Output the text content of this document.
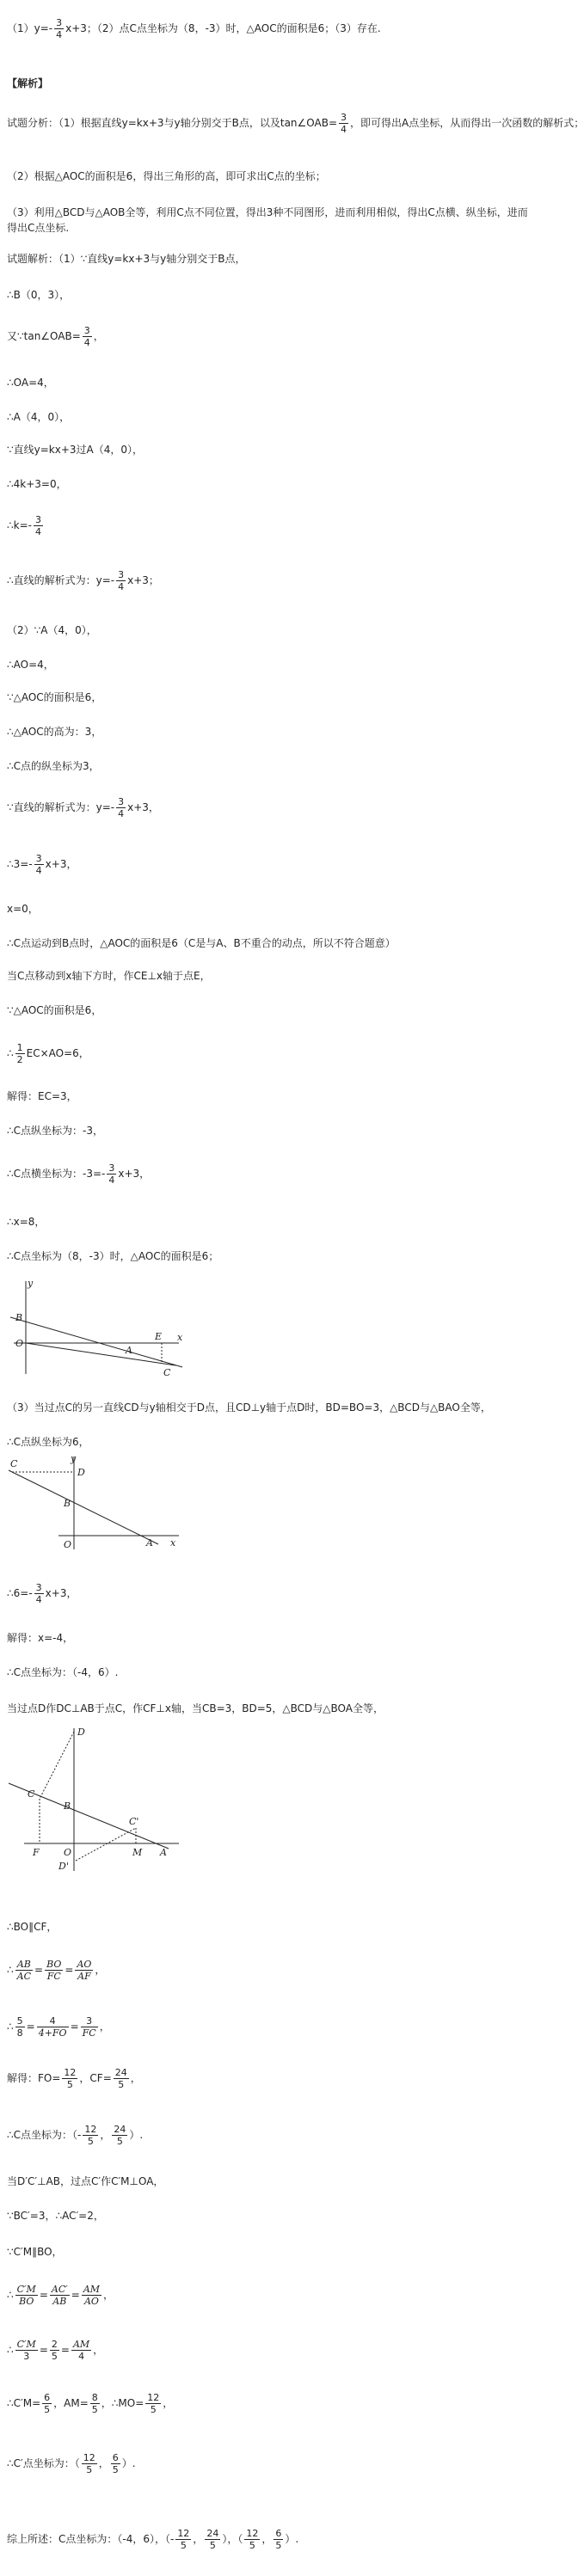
$(1)y=- \frac{3}{4} x+3$；（2）点C点坐标为（8，-3）时，△AOC的面积是6；（3）存在.
【解析】
试题分析：（1）根据直线y=kx+3与y轴分别交于B点，以及tan∠OAB= $\frac{3}{4}$ ，即可得出A点坐标，从而得出一次函数的解析式；
（2）根据△AOC的面积是6，得出三角形的高，即可求出C点的坐标；
（3）利用△BCD与△AOB全等，利用C点不同位置，得出3种不同图形，进而利用相似，得出C点横、纵坐标，进而得出C点坐标.
试题解析：（1）∵直线y=kx+3与y轴分别交于B点，
∴B（0，3），
又∵tan∠OAB= $\frac{3}{4}$ ，
∴OA=4，
∴A（4，0），
∵直线y=kx+3过A（4，0），
∴4k+3=0，
∴k=- $\frac{3}{4}$
∴直线的解析式为：$y=- \frac{3}{4} x+3$；
（2）∵A（4，0），
∴AO=4，
∵△AOC的面积是6，
∴△AOC的高为：3，
∴C点的纵坐标为3，
∵直线的解析式为：$y=- \frac{3}{4} x+3$，
∴3=- $\frac{3}{4} x+3$，
x=0，
∴C点运动到B点时，△AOC的面积是6（C是与A、B不重合的动点，所以不符合题意）
当C点移动到x轴下方时，作CE⊥x轴于点E，
∵△AOC的面积是6，
∴ $\frac{1}{2} EC\times AO=6$，
解得：EC=3，
∴C点纵坐标为：-3，
∴C点横坐标为：$-3=- \frac{3}{4} x+3$，
∴x=8，
∴C点坐标为（8，-3）时，△AOC的面积是6；
y
x
B
O
A
E
C
（3）当过点C的另一直线CD与y轴相交于D点，且CD⊥y轴于点D时，BD=BO=3，△BCD与△BAO全等，
∴C点纵坐标为6，
y
x
C
D
B
O	A
∴6=- $\frac{3}{4} x+3$，
解得：x=-4，
∴C点坐标为：（-4，6）.
当过点D作DC⊥AB于点C，作CF⊥x轴，当CB=3，BD=5，△BCD与△BOA全等，
D
C
B
C'
F	O	M A
D'
∴BO∥CF，
∴ $\frac{AB}{AC} = \frac{BO}{FC} = \frac{AO}{AF}$ ，
∴ $\frac{5}{8} = \frac{4}{4+FO} = \frac{3}{FC}$ ，
解得：$FO= \frac{12}{5}$ ，$CF= \frac{24}{5}$ ，
∴C点坐标为：（- $\frac{12}{5}$ ， $\frac{24}{5}$ ）.
当D′C′⊥AB，过点C′作C′M⊥OA，
∵BC′=3，∴AC′=2，
∵C′M∥BO，
∴ $\frac{C'M}{BO} = \frac{AC'}{AB} = \frac{AM}{AO}$ ，
∴ $\frac{C'M}{3} = \frac{2}{5} = \frac{AM}{4}$ ，
∴C′M= $\frac{6}{5}$ ，$AM= \frac{8}{5}$ ，∴MO= $\frac{12}{5}$ ，
∴C′点坐标为：（ $\frac{12}{5}$ ， $\frac{6}{5}$ ）.
综上所述：C点坐标为：（-4，6），（- $\frac{12}{5}$ ， $\frac{24}{5}$ ），（ $\frac{12}{5}$ ， $\frac{6}{5}$ ）.
